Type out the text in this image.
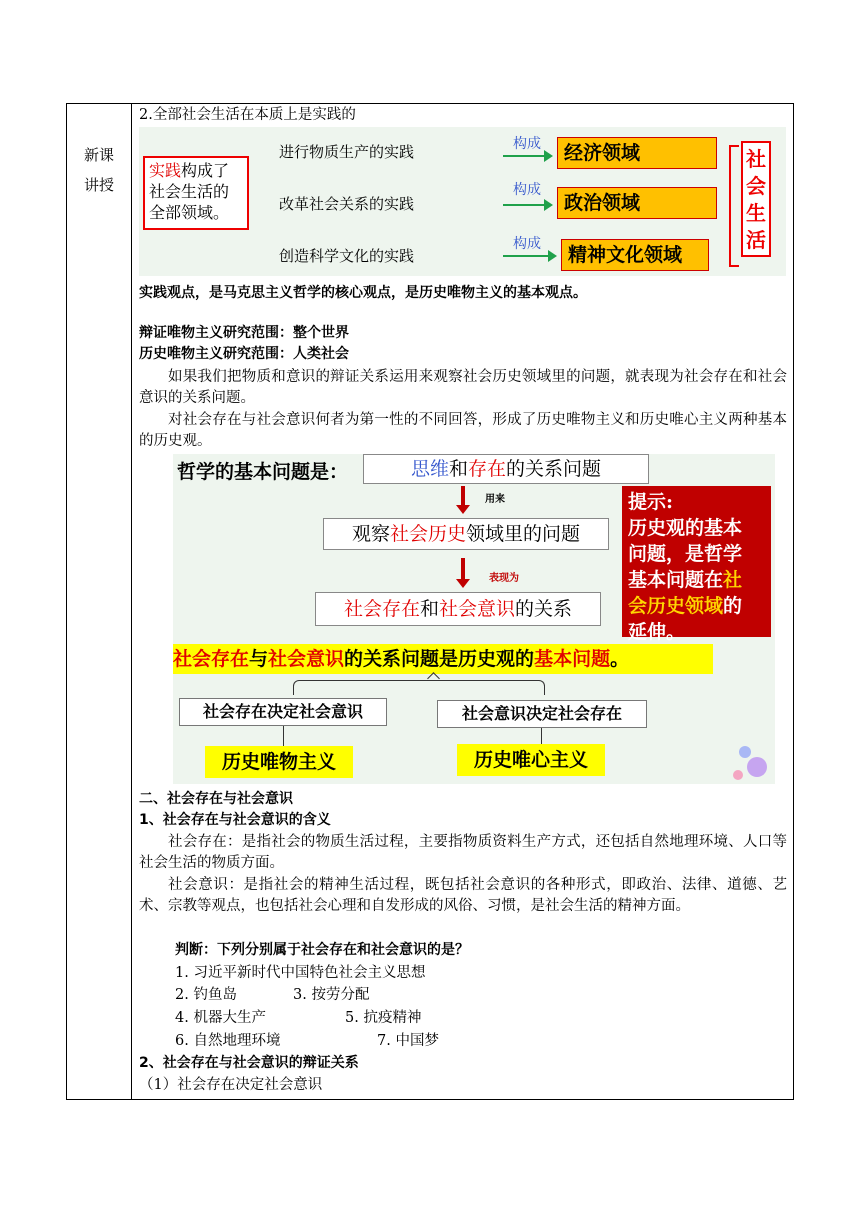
新课
讲授
2.全部社会生活在本质上是实践的
实践构成了
社会生活的
全部领域。
进行物质生产的实践	构成	经济领域
改革社会关系的实践
构成
政治领域
创造科学文化的实践
构成	精神文化领域
社
会
生
活
实践观点，是马克思主义哲学的核心观点，是历史唯物主义的基本观点。
辩证唯物主义研究范围：整个世界
历史唯物主义研究范围：人类社会
如果我们把物质和意识的辩证关系运用来观察社会历史领域里的问题，就表现为社会存在和社会意识的关系问题。
对社会存在与社会意识何者为第一性的不同回答，形成了历史唯物主义和历史唯心主义两种基本的历史观。
哲学的基本问题是：	思维和存在的关系问题
用来
观察社会历史领域里的问题
表现为
社会存在和社会意识的关系
提示:
历史观的基本
问题，是哲学
基本问题在社
会历史领域的
延伸。
社会存在与社会意识的关系问题是历史观的基本问题。
社会存在决定社会意识	社会意识决定社会存在
历史唯物主义	历史唯心主义
二、社会存在与社会意识
1、社会存在与社会意识的含义
社会存在：是指社会的物质生活过程，主要指物质资料生产方式，还包括自然地理环境、人口等社会生活的物质方面。
社会意识：是指社会的精神生活过程，既包括社会意识的各种形式，即政治、法律、道德、艺术、宗教等观点，也包括社会心理和自发形成的风俗、习惯，是社会生活的精神方面。
判断：下列分别属于社会存在和社会意识的是？
1. 习近平新时代中国特色社会主义思想
2. 钓鱼岛	3. 按劳分配
4. 机器大生产	5. 抗疫精神
6. 自然地理环境	7. 中国梦
2、社会存在与社会意识的辩证关系
（1）社会存在决定社会意识
